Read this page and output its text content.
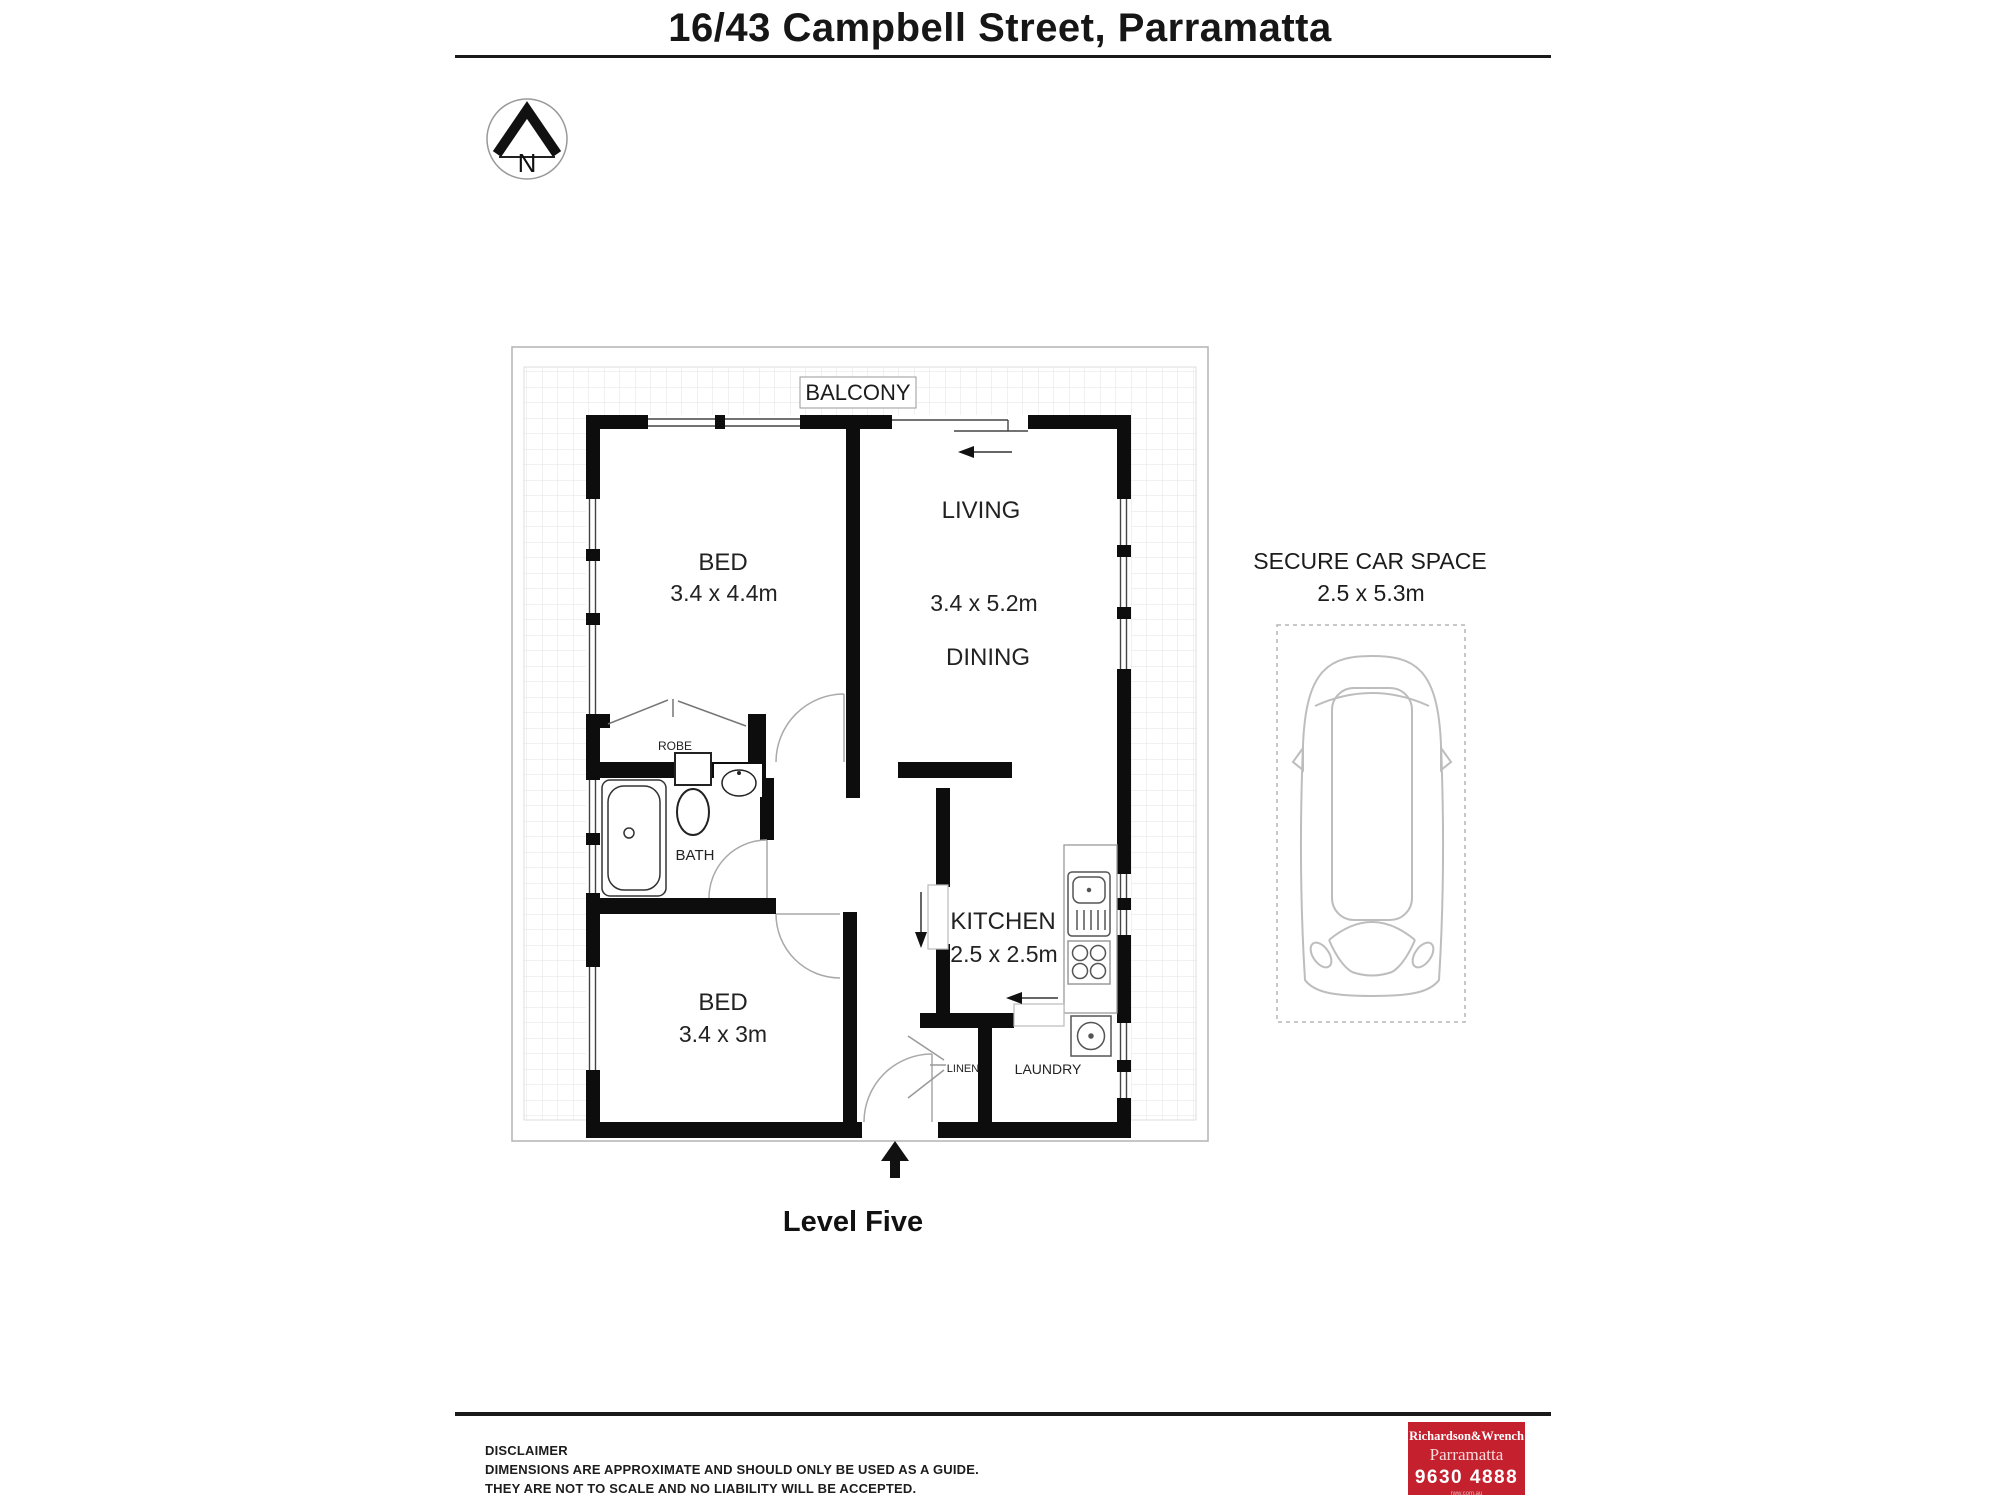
16/43 Campbell Street, Parramatta
N
BALCONY
BED
3.4 x 4.4m
LIVING
3.4 x 5.2m
DINING
KITCHEN
2.5 x 2.5m
BED
3.4 x 3m
BATH
ROBE
LINEN	LAUNDRY
SECURE CAR SPACE
2.5 x 5.3m
Level Five
DISCLAIMER
DIMENSIONS ARE APPROXIMATE AND SHOULD ONLY BE USED AS A GUIDE.
THEY ARE NOT TO SCALE AND NO LIABILITY WILL BE ACCEPTED.
Richardson&Wrench
Parramatta
9630 4888
rww.com.au
